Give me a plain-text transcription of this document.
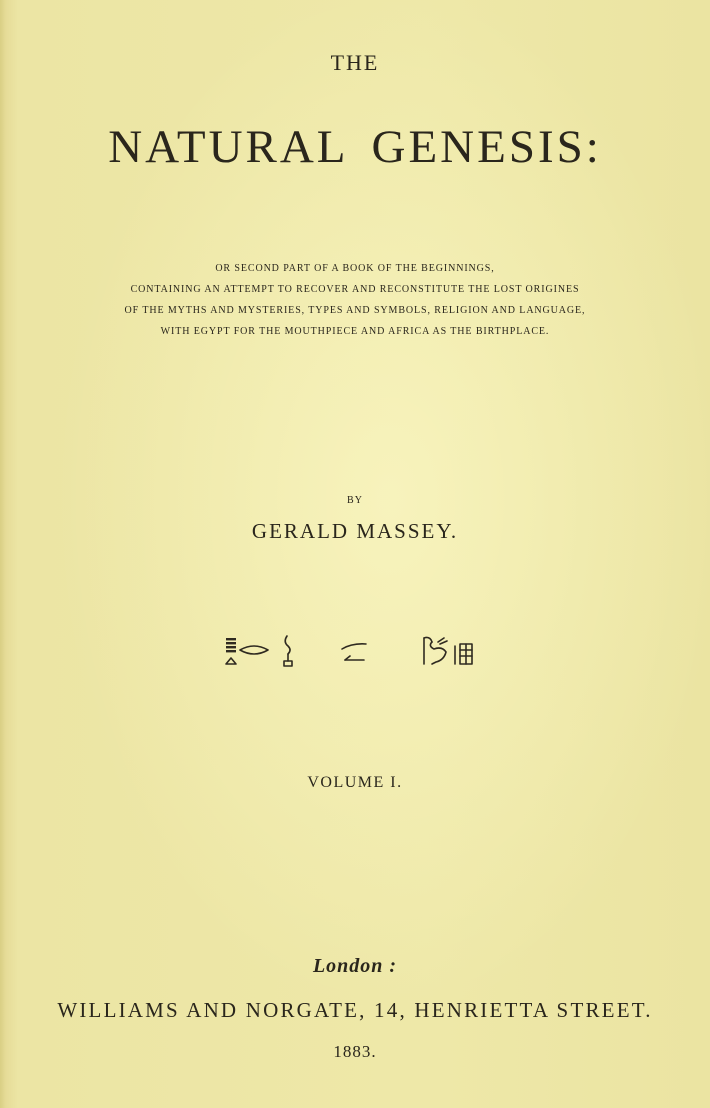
THE
NATURAL GENESIS:
OR SECOND PART OF A BOOK OF THE BEGINNINGS,
CONTAINING AN ATTEMPT TO RECOVER AND RECONSTITUTE THE LOST ORIGINES
OF THE MYTHS AND MYSTERIES, TYPES AND SYMBOLS, RELIGION AND LANGUAGE,
WITH EGYPT FOR THE MOUTHPIECE AND AFRICA AS THE BIRTHPLACE.
BY
GERALD MASSEY.
VOLUME I.
London :
WILLIAMS AND NORGATE, 14, HENRIETTA STREET.
1883.
